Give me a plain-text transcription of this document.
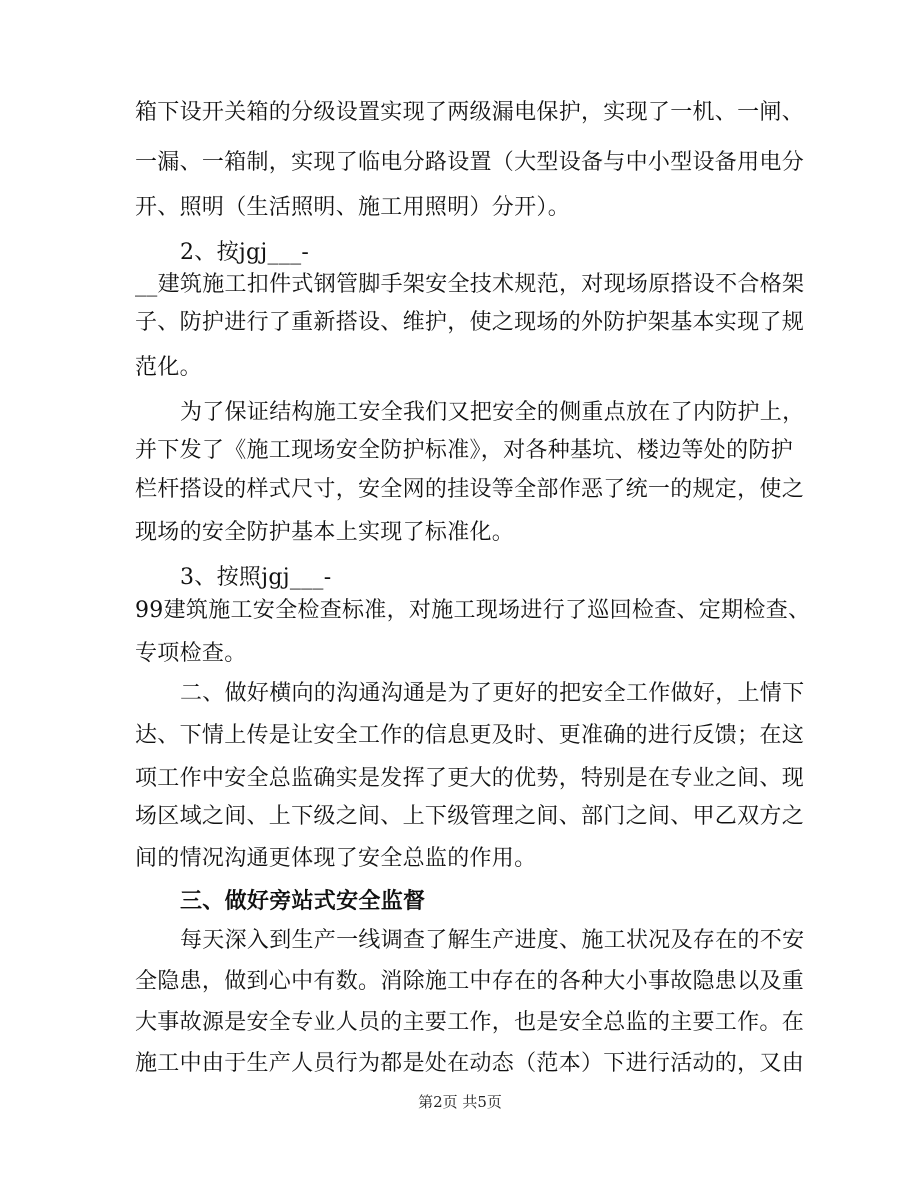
箱下设开关箱的分级设置实现了两级漏电保护，实现了一机、一闸、
一漏、一箱制，实现了临电分路设置（大型设备与中小型设备用电分
开、照明（生活照明、施工用照明）分开）。
2、按jgj___-
__建筑施工扣件式钢管脚手架安全技术规范，对现场原搭设不合格架
子、防护进行了重新搭设、维护，使之现场的外防护架基本实现了规
范化。
为了保证结构施工安全我们又把安全的侧重点放在了内防护上，
并下发了《施工现场安全防护标准》，对各种基坑、楼边等处的防护
栏杆搭设的样式尺寸，安全网的挂设等全部作恶了统一的规定，使之
现场的安全防护基本上实现了标准化。
3、按照jgj___-
99建筑施工安全检查标准，对施工现场进行了巡回检查、定期检查、
专项检查。
二、做好横向的沟通沟通是为了更好的把安全工作做好，上情下
达、下情上传是让安全工作的信息更及时、更准确的进行反馈；在这
项工作中安全总监确实是发挥了更大的优势，特别是在专业之间、现
场区域之间、上下级之间、上下级管理之间、部门之间、甲乙双方之
间的情况沟通更体现了安全总监的作用。
三、做好旁站式安全监督
每天深入到生产一线调查了解生产进度、施工状况及存在的不安
全隐患，做到心中有数。消除施工中存在的各种大小事故隐患以及重
大事故源是安全专业人员的主要工作，也是安全总监的主要工作。在
施工中由于生产人员行为都是处在动态（范本）下进行活动的，又由
第2页 共5页
